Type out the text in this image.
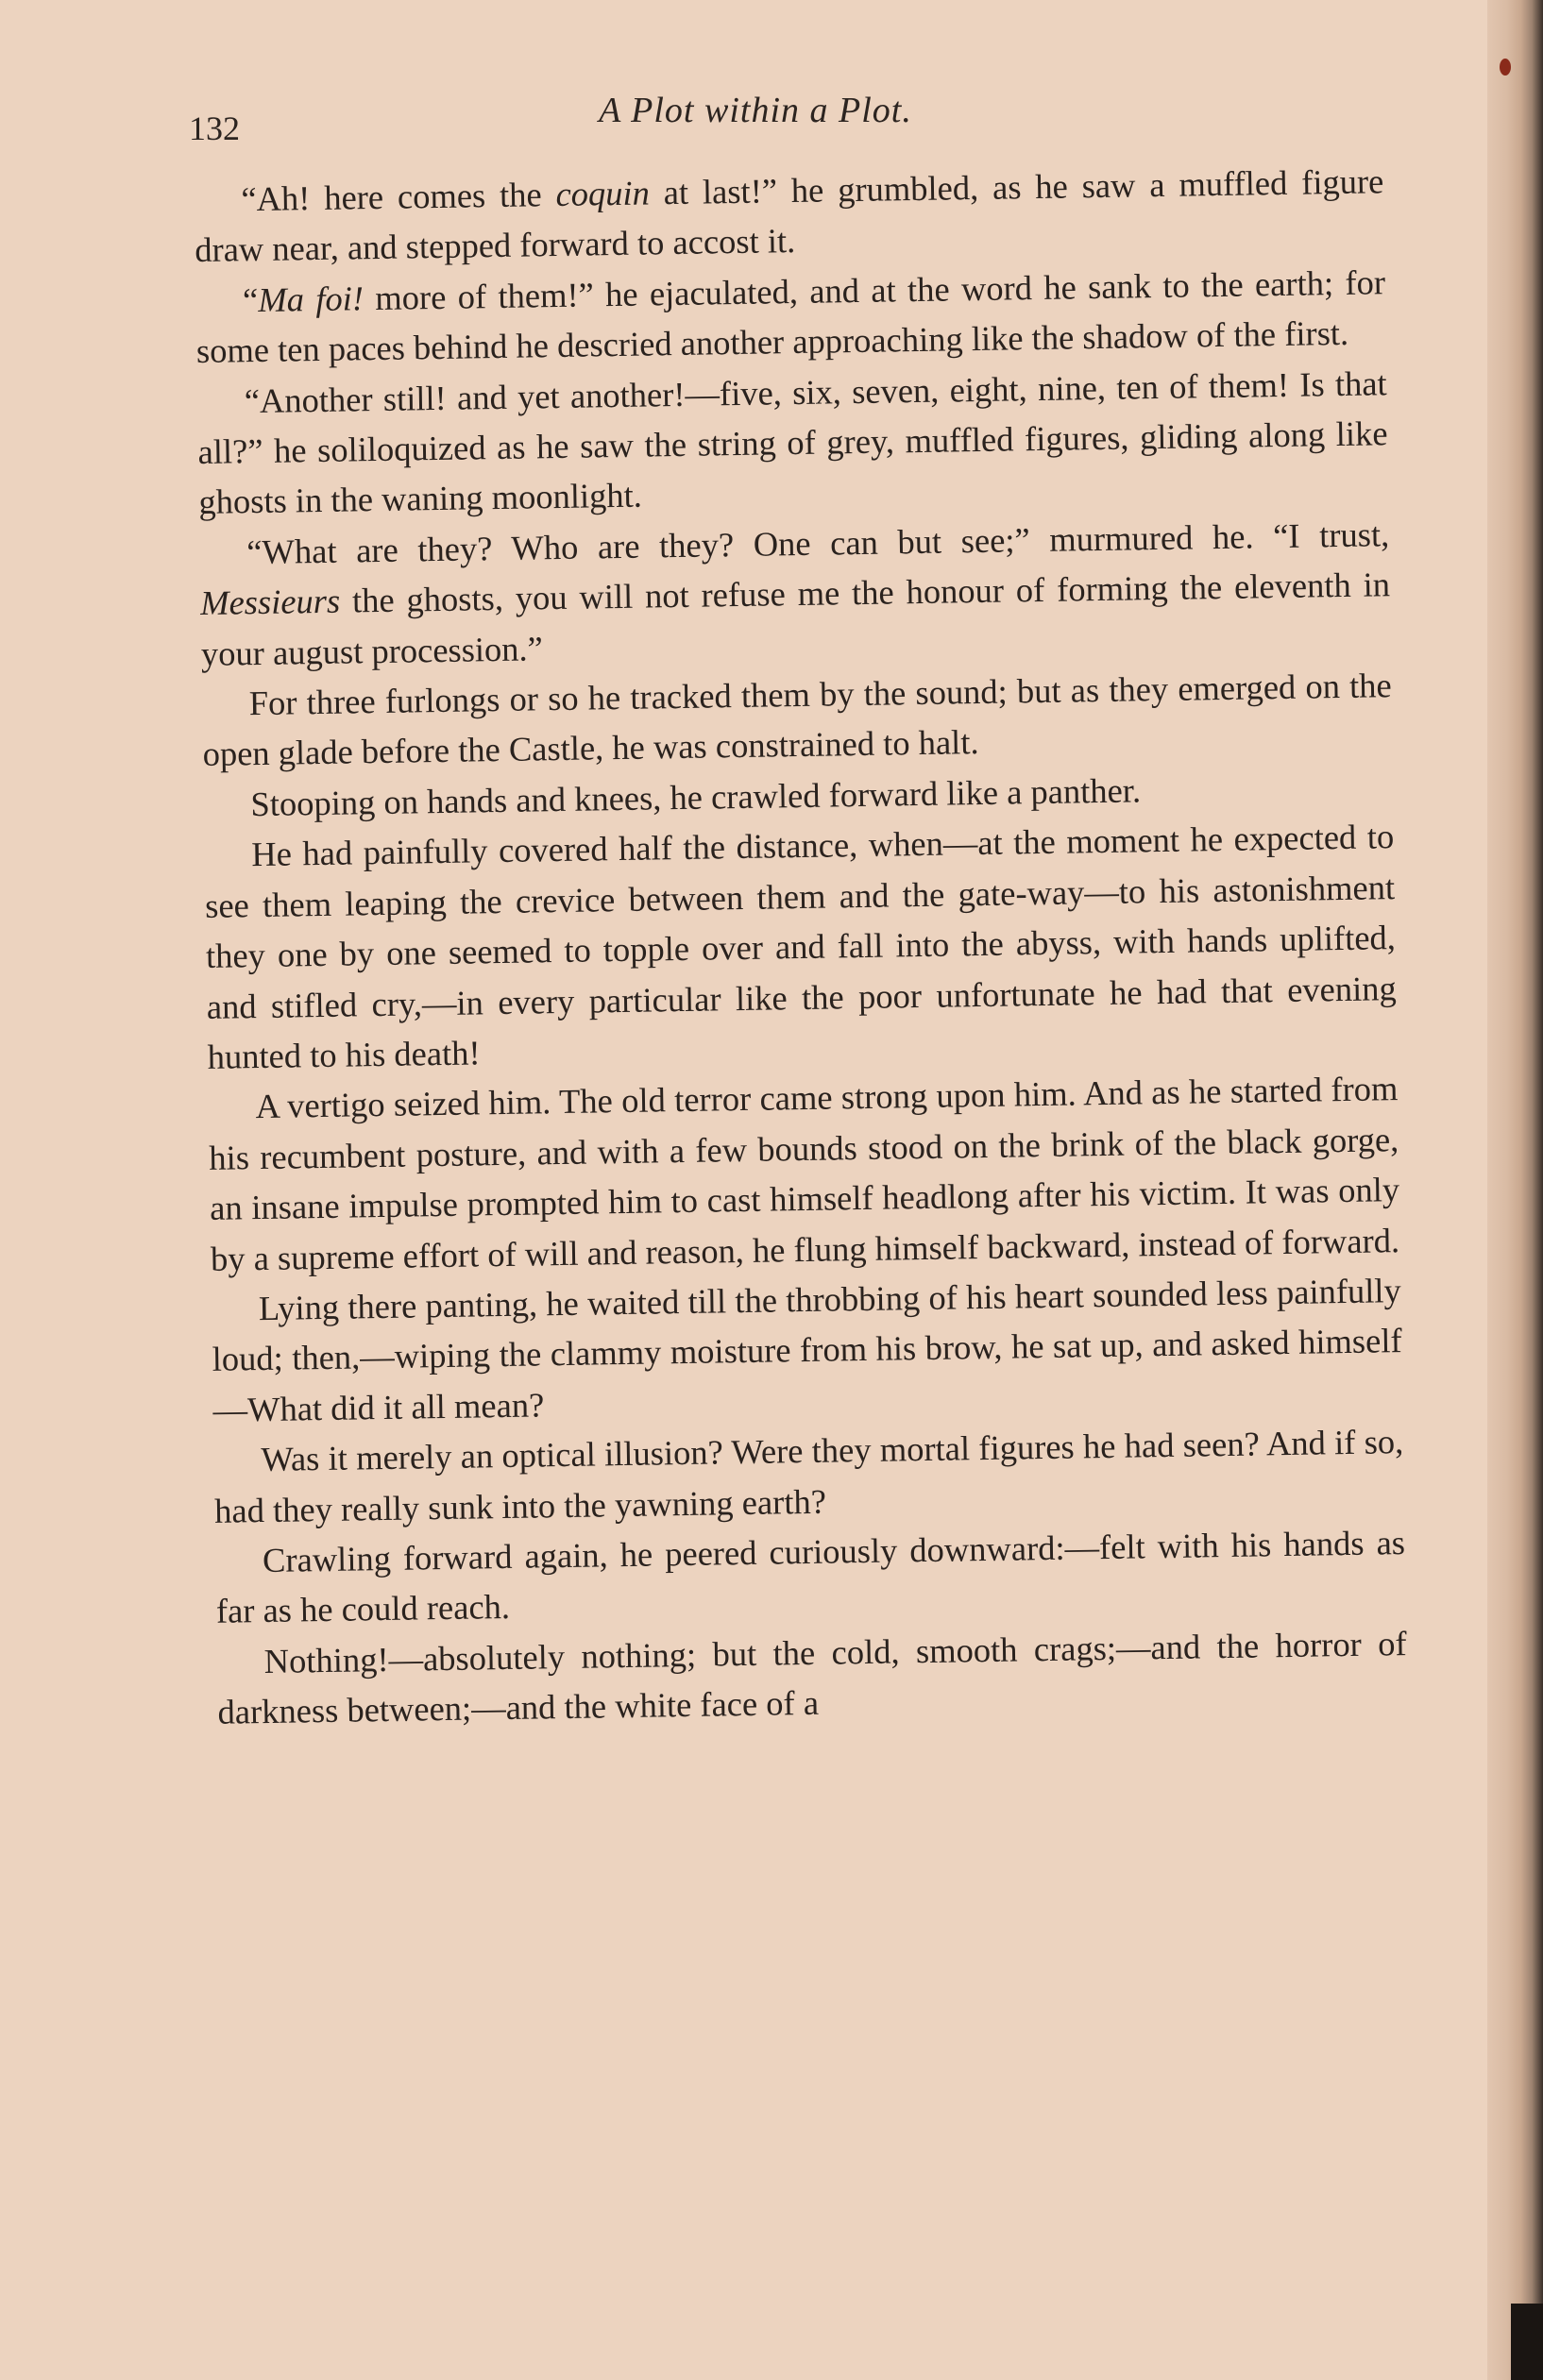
132	A Plot within a Plot.

“Ah! here comes the coquin at last!” he grumbled, as he saw a muffled figure draw near, and stepped forward to accost it.

“Ma foi! more of them!” he ejaculated, and at the word he sank to the earth; for some ten paces behind he descried another approaching like the shadow of the first.

“Another still! and yet another!—five, six, seven, eight, nine, ten of them! Is that all?” he soliloquized as he saw the string of grey, muffled figures, gliding along like ghosts in the waning moonlight.

“What are they? Who are they? One can but see;” murmured he. “I trust, Messieurs the ghosts, you will not refuse me the honour of forming the eleventh in your august procession.”

For three furlongs or so he tracked them by the sound; but as they emerged on the open glade before the Castle, he was constrained to halt.

Stooping on hands and knees, he crawled forward like a panther.

He had painfully covered half the distance, when—at the moment he expected to see them leaping the crevice between them and the gate-way—to his astonishment they one by one seemed to topple over and fall into the abyss, with hands uplifted, and stifled cry,—in every particular like the poor unfortunate he had that evening hunted to his death!

A vertigo seized him. The old terror came strong upon him. And as he started from his recumbent posture, and with a few bounds stood on the brink of the black gorge, an insane impulse prompted him to cast himself headlong after his victim. It was only by a supreme effort of will and reason, he flung himself backward, instead of forward.

Lying there panting, he waited till the throbbing of his heart sounded less painfully loud; then,—wiping the clammy moisture from his brow, he sat up, and asked himself—What did it all mean?

Was it merely an optical illusion? Were they mortal figures he had seen? And if so, had they really sunk into the yawning earth?

Crawling forward again, he peered curiously downward:—felt with his hands as far as he could reach.

Nothing!—absolutely nothing; but the cold, smooth crags;—and the horror of darkness between;—and the white face of a
